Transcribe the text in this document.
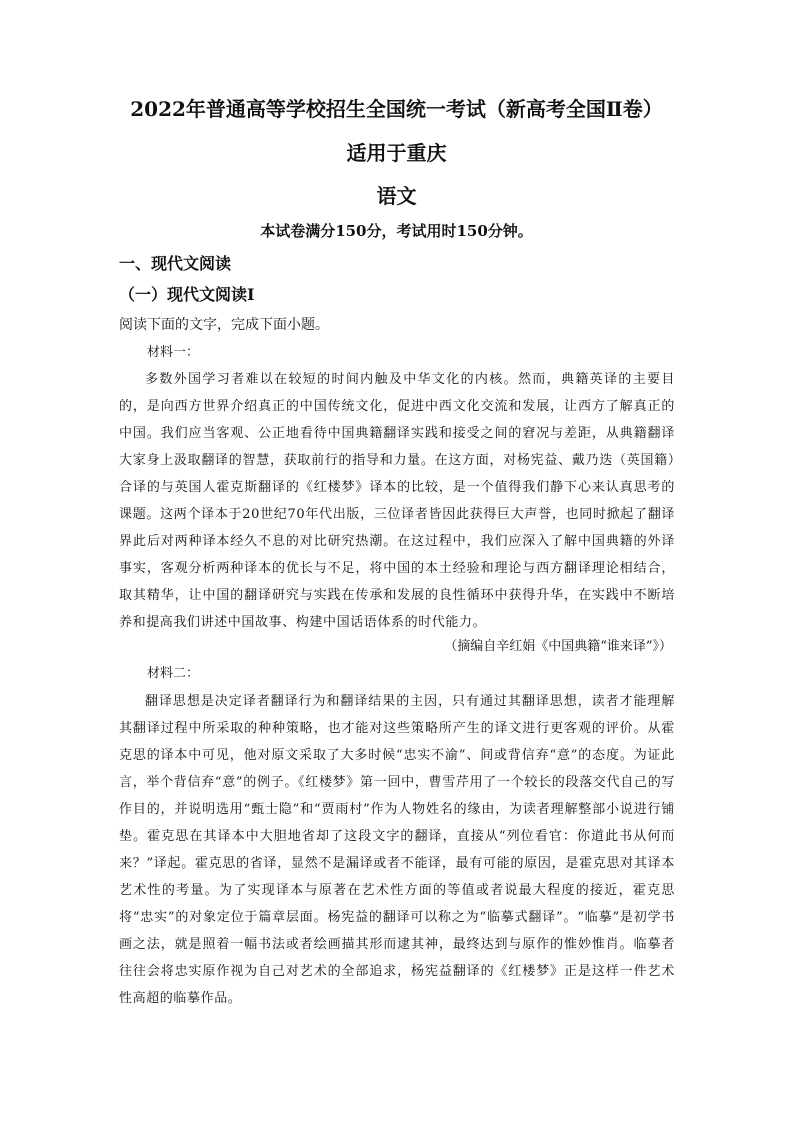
2022年普通高等学校招生全国统一考试（新高考全国Ⅱ卷）
适用于重庆
语文
本试卷满分150分，考试用时150分钟。
一、现代文阅读
（一）现代文阅读Ⅰ
阅读下面的文字，完成下面小题。
材料一：
多数外国学习者难以在较短的时间内触及中华文化的内核。然而，典籍英译的主要目的，是向西方世界介绍真正的中国传统文化，促进中西文化交流和发展，让西方了解真正的中国。我们应当客观、公正地看待中国典籍翻译实践和接受之间的窘况与差距，从典籍翻译大家身上汲取翻译的智慧，获取前行的指导和力量。在这方面，对杨宪益、戴乃迭（英国籍）合译的与英国人霍克斯翻译的《红楼梦》译本的比较，是一个值得我们静下心来认真思考的课题。这两个译本于20世纪70年代出版，三位译者皆因此获得巨大声誉，也同时掀起了翻译界此后对两种译本经久不息的对比研究热潮。在这过程中，我们应深入了解中国典籍的外译事实，客观分析两种译本的优长与不足，将中国的本土经验和理论与西方翻译理论相结合，取其精华，让中国的翻译研究与实践在传承和发展的良性循环中获得升华，在实践中不断培养和提高我们讲述中国故事、构建中国话语体系的时代能力。
（摘编自辛红娟《中国典籍“谁来译”》）
材料二：
翻译思想是决定译者翻译行为和翻译结果的主因，只有通过其翻译思想，读者才能理解其翻译过程中所采取的种种策略，也才能对这些策略所产生的译文进行更客观的评价。从霍克思的译本中可见，他对原文采取了大多时候“忠实不渝”、间或背信弃“意”的态度。为证此言，举个背信弃“意”的例子。《红楼梦》第一回中，曹雪芹用了一个较长的段落交代自己的写作目的，并说明选用“甄士隐”和“贾雨村”作为人物姓名的缘由，为读者理解整部小说进行铺垫。霍克思在其译本中大胆地省却了这段文字的翻译，直接从“列位看官：你道此书从何而来？”译起。霍克思的省译，显然不是漏译或者不能译，最有可能的原因，是霍克思对其译本艺术性的考量。为了实现译本与原著在艺术性方面的等值或者说最大程度的接近，霍克思将“忠实”的对象定位于篇章层面。杨宪益的翻译可以称之为“临摹式翻译”。“临摹”是初学书画之法，就是照着一幅书法或者绘画描其形而逮其神，最终达到与原作的惟妙惟肖。临摹者往往会将忠实原作视为自己对艺术的全部追求，杨宪益翻译的《红楼梦》正是这样一件艺术性高超的临摹作品。
